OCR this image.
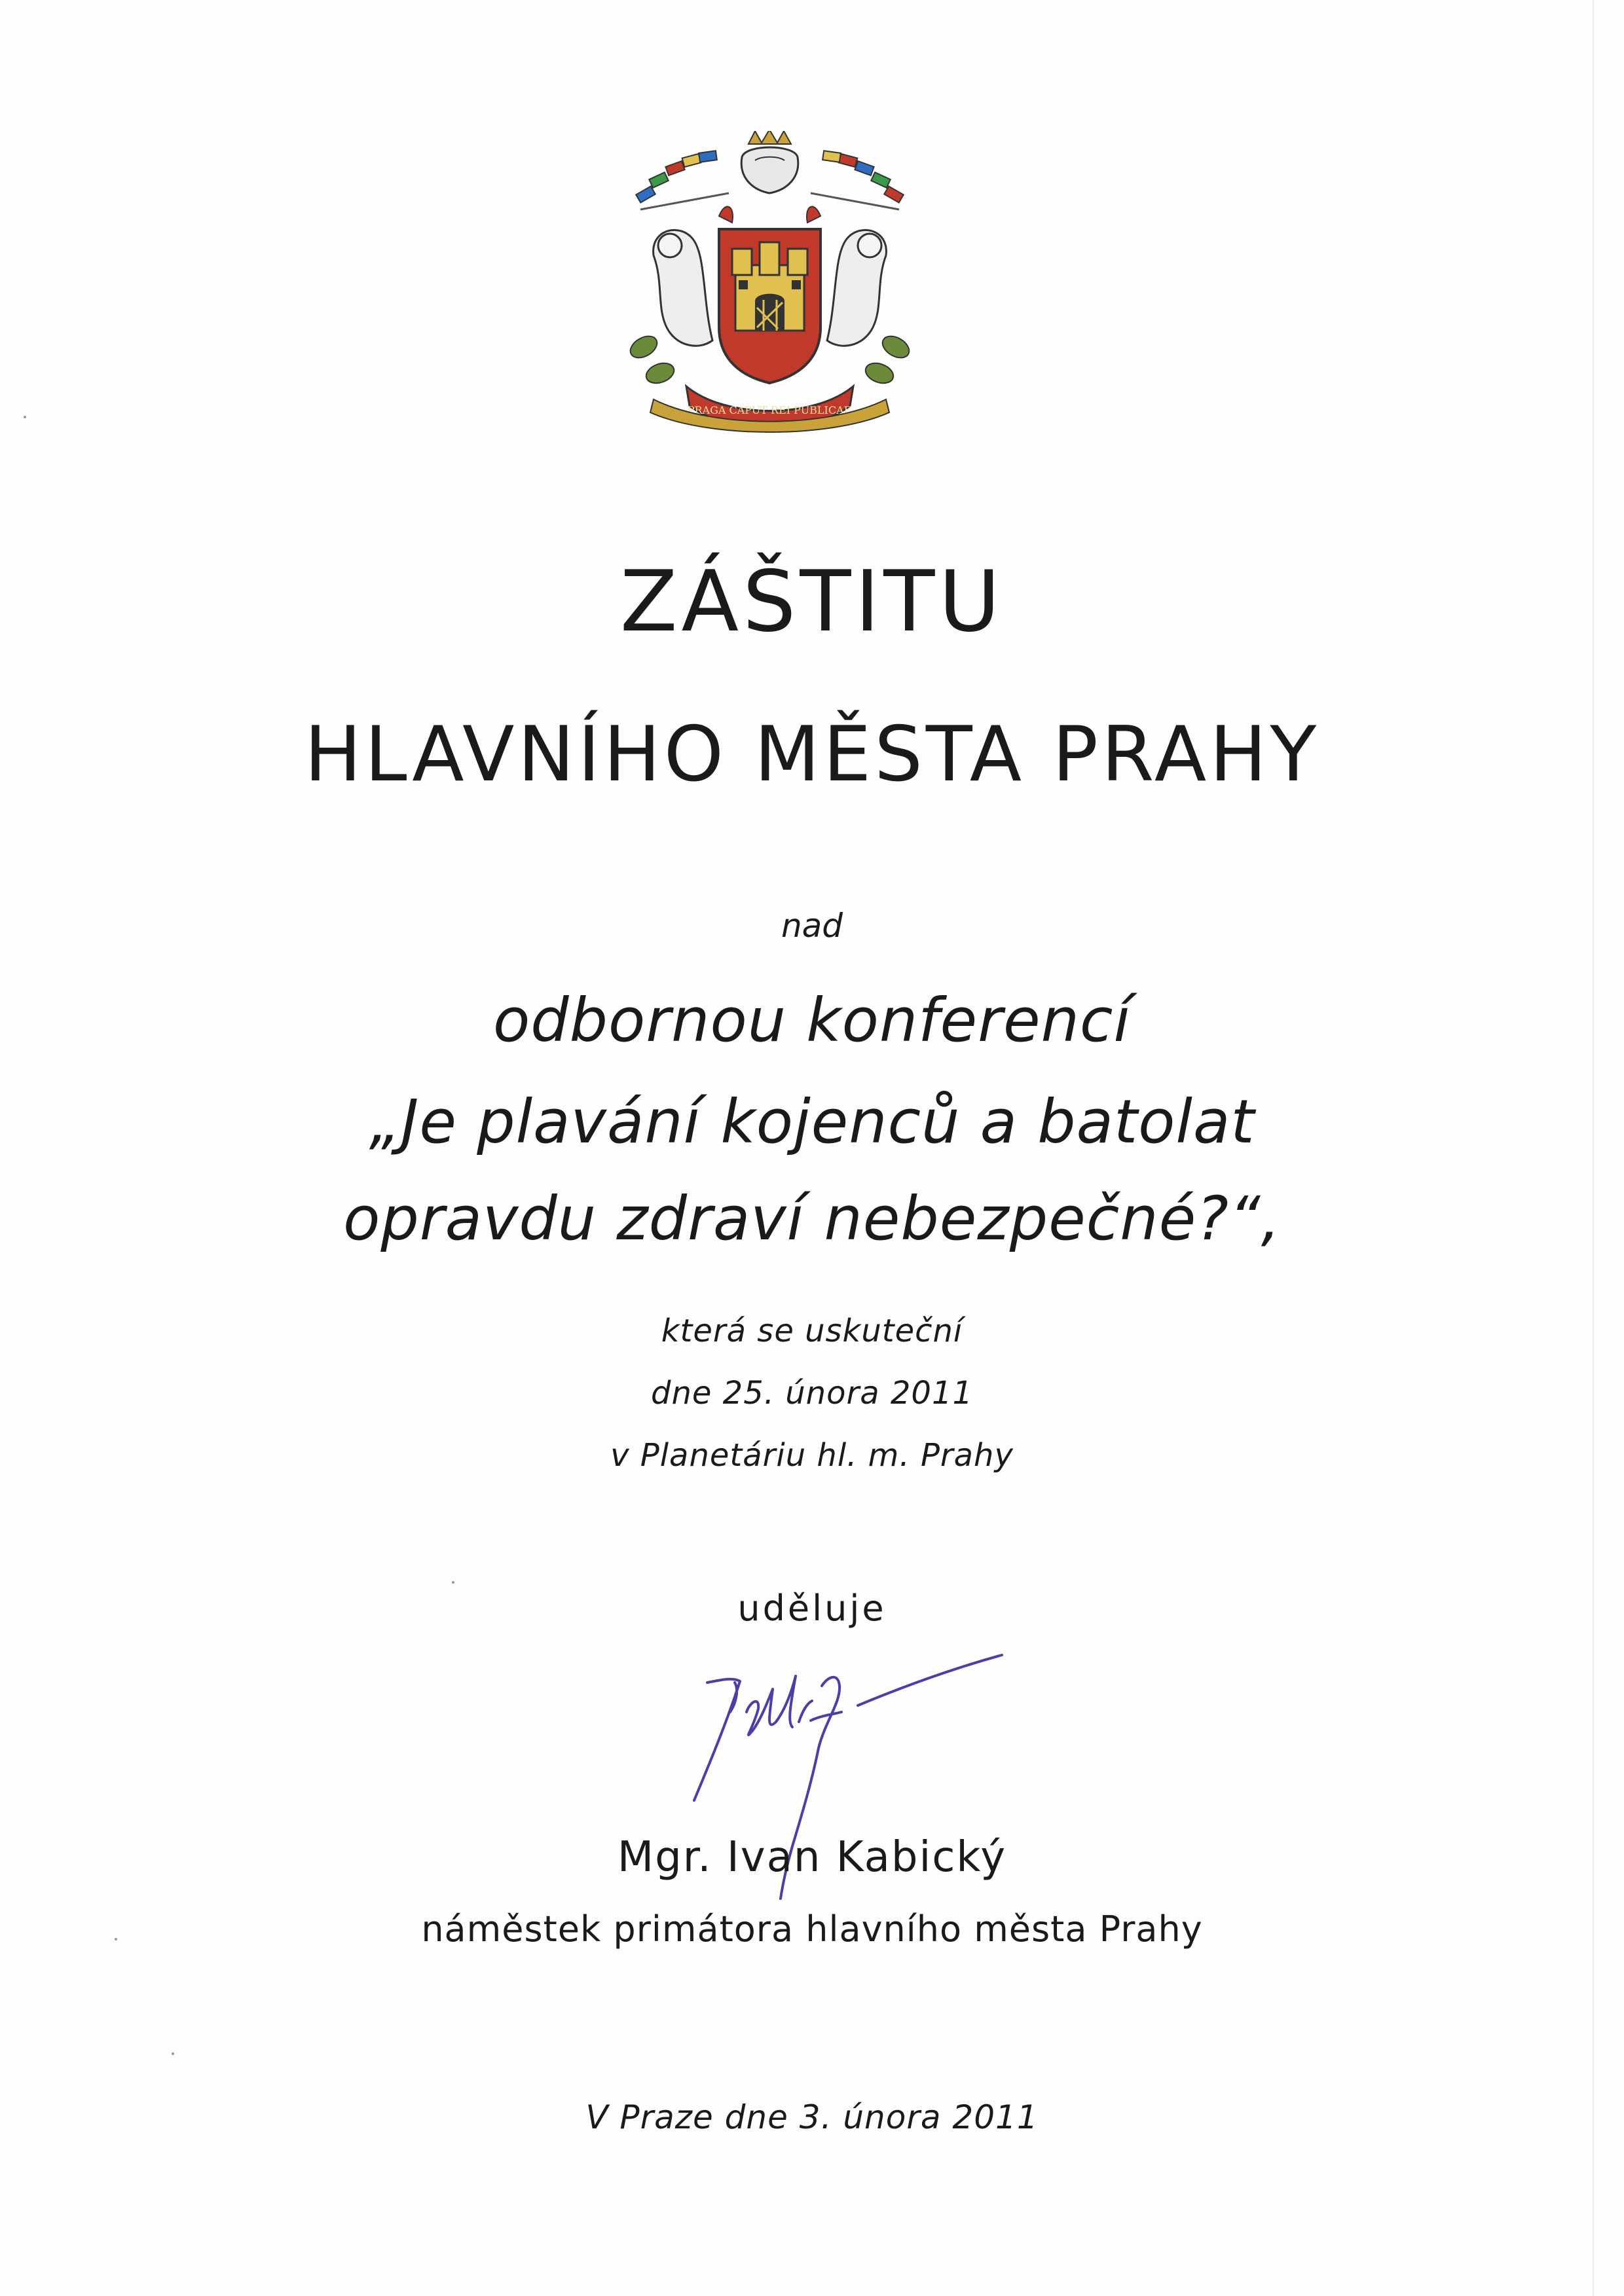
PRAGA CAPUT REI PUBLICAE
ZÁŠTITU
HLAVNÍHO MĚSTA PRAHY
nad
odbornou konferencí
„Je plavání kojenců a batolat
opravdu zdraví nebezpečné?“,
která se uskuteční
dne 25. února 2011
v Planetáriu hl. m. Prahy
uděluje
Mgr. Ivan Kabický
náměstek primátora hlavního města Prahy
V Praze dne 3. února 2011
